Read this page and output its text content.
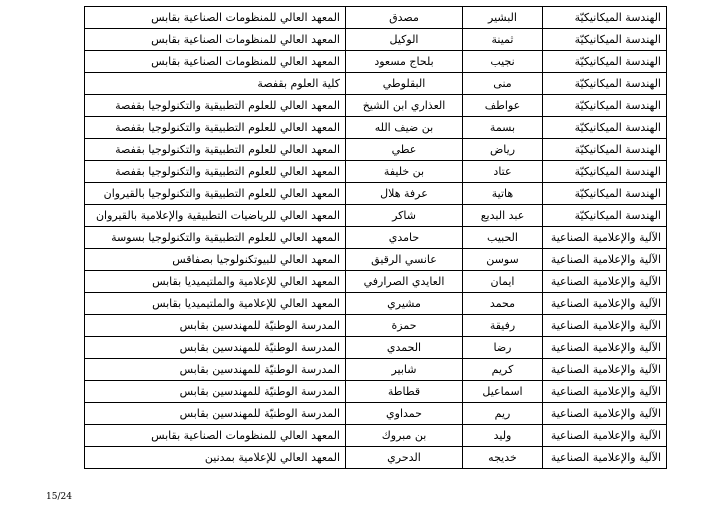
الهندسة الميكانيكيّة	البشير	مصدق	المعهد العالي للمنظومات الصناعية بقابس
الهندسة الميكانيكيّة	ثمينة	الوكيل	المعهد العالي للمنظومات الصناعية بقابس
الهندسة الميكانيكيّة	نجيب	بلحاج مسعود	المعهد العالي للمنظومات الصناعية بقابس
الهندسة الميكانيكيّة	منى	البقلوطي	كلية العلوم بقفصة
الهندسة الميكانيكيّة	عواطف	العذاري ابن الشيخ	المعهد العالي للعلوم التطبيقية والتكنولوجيا بقفصة
الهندسة الميكانيكيّة	بسمة	بن ضيف الله	المعهد العالي للعلوم التطبيقية والتكنولوجيا بقفصة
الهندسة الميكانيكيّة	رياض	عطي	المعهد العالي للعلوم التطبيقية والتكنولوجيا بقفصة
الهندسة الميكانيكيّة	عتاد	بن خليفة	المعهد العالي للعلوم التطبيقية والتكنولوجيا بقفصة
الهندسة الميكانيكيّة	هاتية	عرفة هلال	المعهد العالي للعلوم التطبيقية والتكنولوجيا بالقيروان
الهندسة الميكانيكيّة	عبد البديع	شاكر	المعهد العالي للرياضيات التطبيقية والإعلامية بالقيروان
الآلية والإعلامية الصناعية	الحبيب	حامدي	المعهد العالي للعلوم التطبيقية والتكنولوجيا بسوسة
الآلية والإعلامية الصناعية	سوسن	عانسي الرقيق	المعهد العالي للبيوتكنولوجيا بصفاقس
الآلية والإعلامية الصناعية	ايمان	العايدي الصرارفي	المعهد العالي للإعلامية والملتيميديا بقابس
الآلية والإعلامية الصناعية	محمد	مشيري	المعهد العالي للإعلامية والملتيميديا بقابس
الآلية والإعلامية الصناعية	رفيقة	حمزة	المدرسة الوطنيّة للمهندسين بقابس
الآلية والإعلامية الصناعية	رضا	الحمدي	المدرسة الوطنيّة للمهندسين بقابس
الآلية والإعلامية الصناعية	كريم	شابير	المدرسة الوطنيّة للمهندسين بقابس
الآلية والإعلامية الصناعية	اسماعيل	قطاطة	المدرسة الوطنيّة للمهندسين بقابس
الآلية والإعلامية الصناعية	ريم	حمداوي	المدرسة الوطنيّة للمهندسين بقابس
الآلية والإعلامية الصناعية	وليد	بن مبروك	المعهد العالي للمنظومات الصناعية بقابس
الآلية والإعلامية الصناعية	خديجه	الدحري	المعهد العالي للإعلامية بمدنين
15/24
